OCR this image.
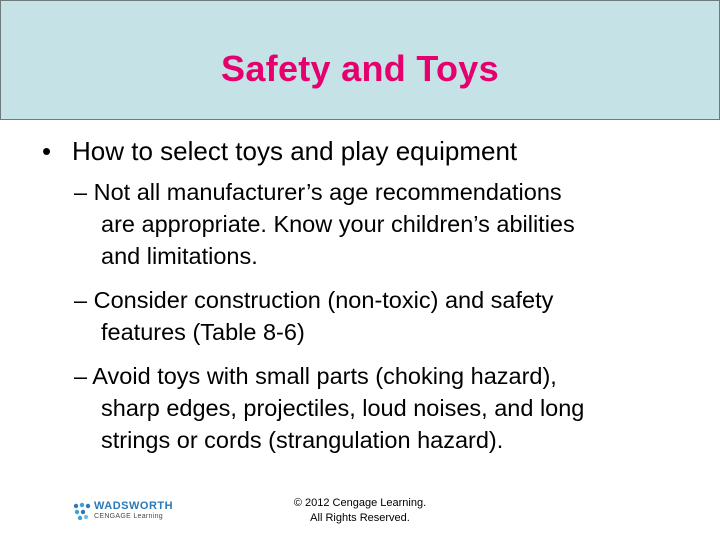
Safety and Toys
• How to select toys and play equipment
– Not all manufacturer’s age recommendations
are appropriate. Know your children’s abilities
and limitations.
– Consider construction (non-toxic) and safety
features (Table 8-6)
– Avoid toys with small parts (choking hazard),
sharp edges, projectiles, loud noises, and long
strings or cords (strangulation hazard).
WADSWORTH
CENGAGE Learning
© 2012 Cengage Learning.
All Rights Reserved.
